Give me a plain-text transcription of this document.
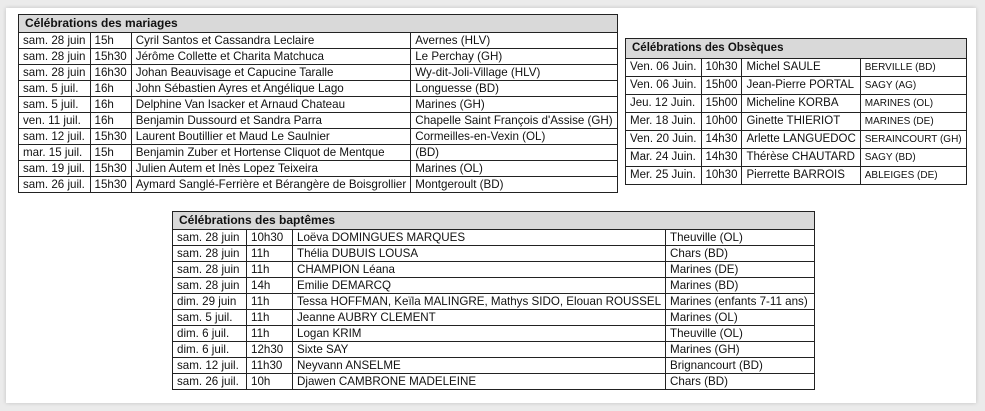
Célébrations des mariages			
sam. 28 juin	15h	Cyril Santos et Cassandra Leclaire	Avernes (HLV)
sam. 28 juin	15h30	Jérôme Collette et Charita Matchuca	Le Perchay (GH)
sam. 28 juin	16h30	Johan Beauvisage et Capucine Taralle	Wy-dit-Joli-Village (HLV)
sam. 5 juil.	16h	John Sébastien Ayres et Angélique Lago	Longuesse (BD)
sam. 5 juil.	16h	Delphine Van Isacker et Arnaud Chateau	Marines (GH)
ven. 11 juil.	16h	Benjamin Dussourd et Sandra Parra	Chapelle Saint François d'Assise (GH)
sam. 12 juil.	15h30	Laurent Boutillier et Maud Le Saulnier	Cormeilles-en-Vexin (OL)
mar. 15 juil.	15h	Benjamin Zuber et Hortense Cliquot de Mentque	(BD)
sam. 19 juil.	15h30	Julien Autem et Inès Lopez Teixeira	Marines (OL)
sam. 26 juil.	15h30	Aymard Sanglé-Ferrière et Bérangère de Boisgrollier	Montgeroult (BD)
Célébrations des Obsèques			
Ven. 06 Juin.	10h30	Michel SAULE	BERVILLE (BD)
Ven. 06 Juin.	15h00	Jean-Pierre PORTAL	SAGY (AG)
Jeu. 12 Juin.	15h00	Micheline KORBA	MARINES (OL)
Mer. 18 Juin.	10h00	Ginette THIERIOT	MARINES (DE)
Ven. 20 Juin.	14h30	Arlette LANGUEDOC	SERAINCOURT (GH)
Mar. 24 Juin.	14h30	Thérèse CHAUTARD	SAGY (BD)
Mer. 25 Juin.	10h30	Pierrette BARROIS	ABLEIGES (DE)
Célébrations des baptêmes			
sam. 28 juin	10h30	Loëva DOMINGUES MARQUES	Theuville (OL)
sam. 28 juin	11h	Thélia DUBUIS LOUSA	Chars (BD)
sam. 28 juin	11h	CHAMPION Léana	Marines (DE)
sam. 28 juin	14h	Emilie DEMARCQ	Marines (BD)
dim. 29 juin	11h	Tessa HOFFMAN, Keïla MALINGRE, Mathys SIDO, Elouan ROUSSEL	Marines (enfants 7-11 ans)
sam. 5 juil.	11h	Jeanne AUBRY CLEMENT	Marines (OL)
dim. 6 juil.	11h	Logan KRIM	Theuville (OL)
dim. 6 juil.	12h30	Sixte SAY	Marines (GH)
sam. 12 juil.	11h30	Neyvann ANSELME	Brignancourt (BD)
sam. 26 juil.	10h	Djawen CAMBRONE MADELEINE	Chars (BD)
